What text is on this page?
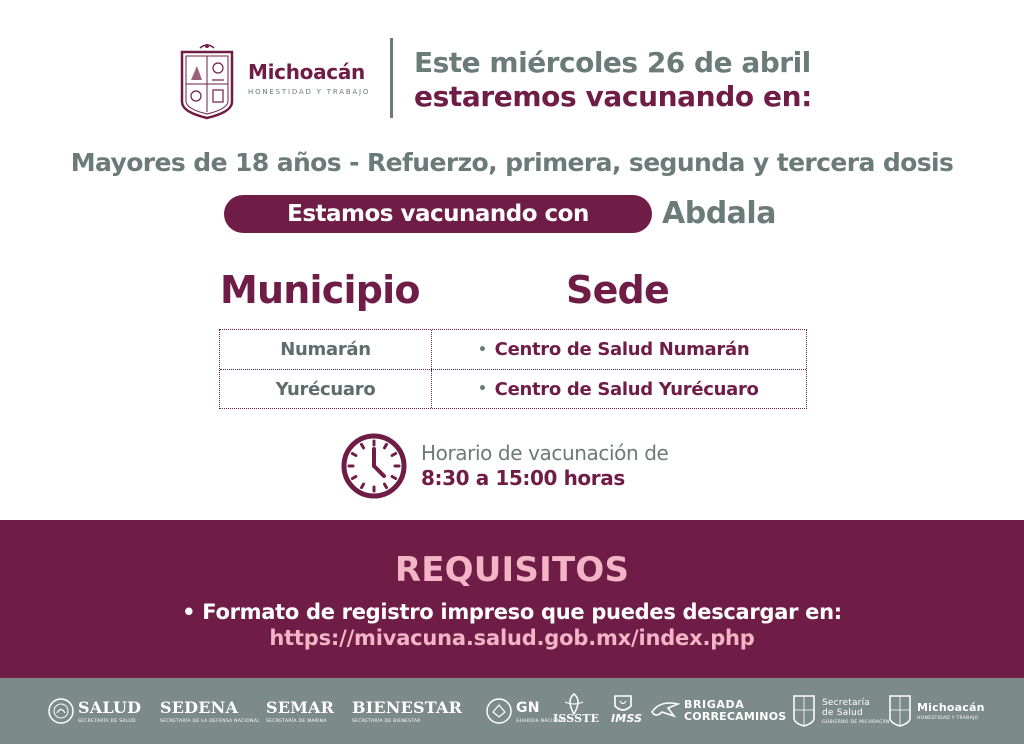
Michoacán
HONESTIDAD Y TRABAJO
Este miércoles 26 de abril
estaremos vacunando en:
Mayores de 18 años - Refuerzo, primera, segunda y tercera dosis
Estamos vacunando con	Abdala
Municipio	Sede
Numarán	• Centro de Salud Numarán
Yurécuaro	• Centro de Salud Yurécuaro
Horario de vacunación de
8:30 a 15:00 horas
REQUISITOS
• Formato de registro impreso que puedes descargar en:
https://mivacuna.salud.gob.mx/index.php
SALUD
SECRETARÍA DE SALUD
SEDENA
SECRETARÍA DE LA DEFENSA NACIONAL
SEMAR
SECRETARÍA DE MARINA
BIENESTAR
SECRETARÍA DE BIENESTAR
GN
GUARDIA NACIONAL
ISSSTE IMSS
BRIGADA
CORRECAMINOS
Secretaría
de Salud
GOBIERNO DE MICHOACÁN
Michoacán
HONESTIDAD Y TRABAJO
